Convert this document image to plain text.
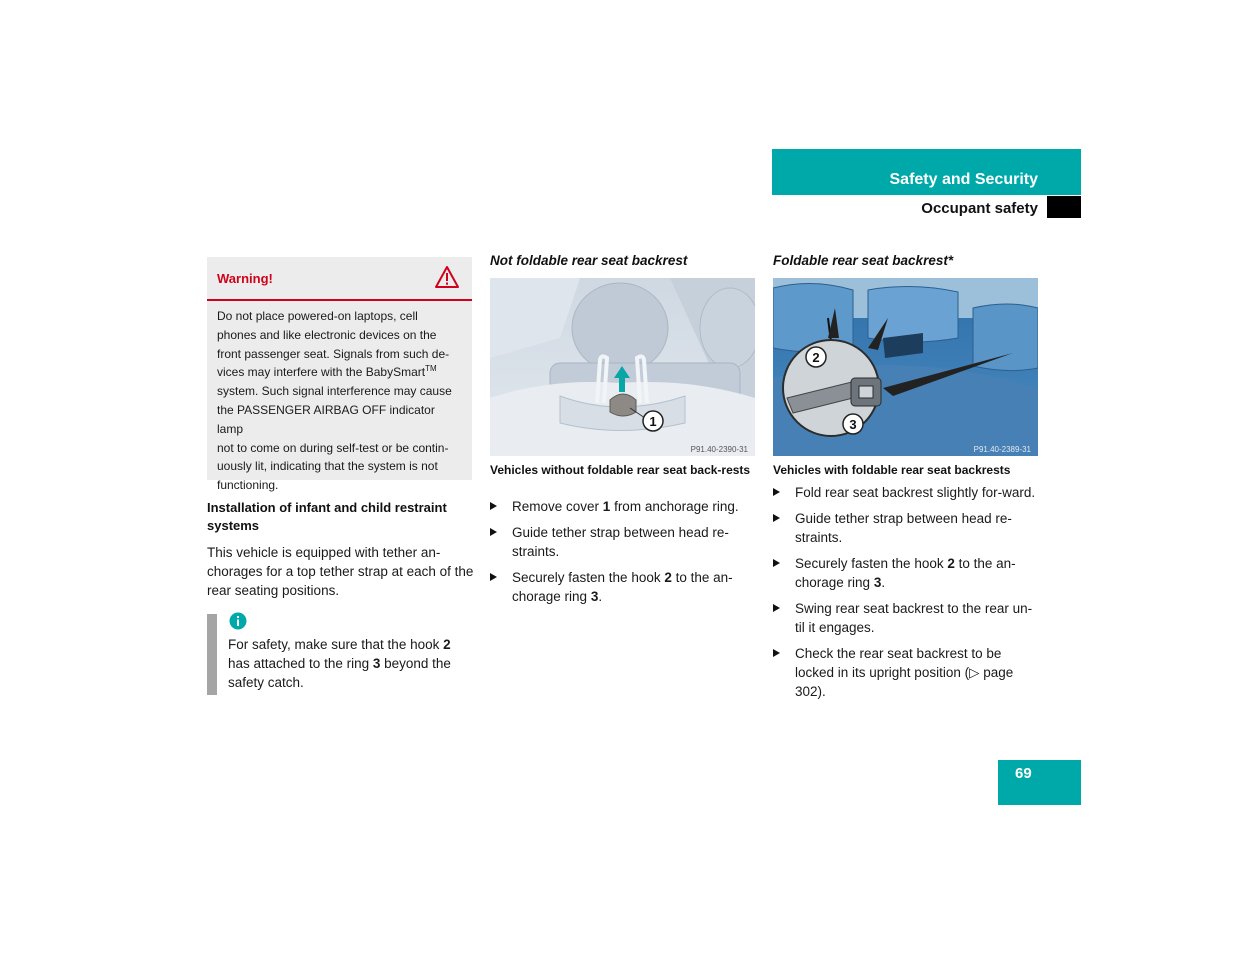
Safety and Security
Occupant safety
Warning!
Do not place powered-on laptops, cell
phones and like electronic devices on the
front passenger seat. Signals from such de-
vices may interfere with the BabySmart™
system. Such signal interference may cause
the PASSENGER AIRBAG OFF indicator lamp
not to come on during self-test or be contin-
uously lit, indicating that the system is not
functioning.
Installation of infant and child restraint systems
This vehicle is equipped with tether an-chorages for a top tether strap at each of the rear seating positions.
For safety, make sure that the hook 2 has attached to the ring 3 beyond the safety catch.
Not foldable rear seat backrest
1
P91.40-2390-31
Vehicles without foldable rear seat back-rests
Remove cover 1 from anchorage ring.
Guide tether strap between head re-straints.
Securely fasten the hook 2 to the an-chorage ring 3.
Foldable rear seat backrest*
2
3
P91.40-2389-31
Vehicles with foldable rear seat backrests
Fold rear seat backrest slightly for-ward.
Guide tether strap between head re-straints.
Securely fasten the hook 2 to the an-chorage ring 3.
Swing rear seat backrest to the rear un-til it engages.
Check the rear seat backrest to be locked in its upright position (▷ page 302).
69
